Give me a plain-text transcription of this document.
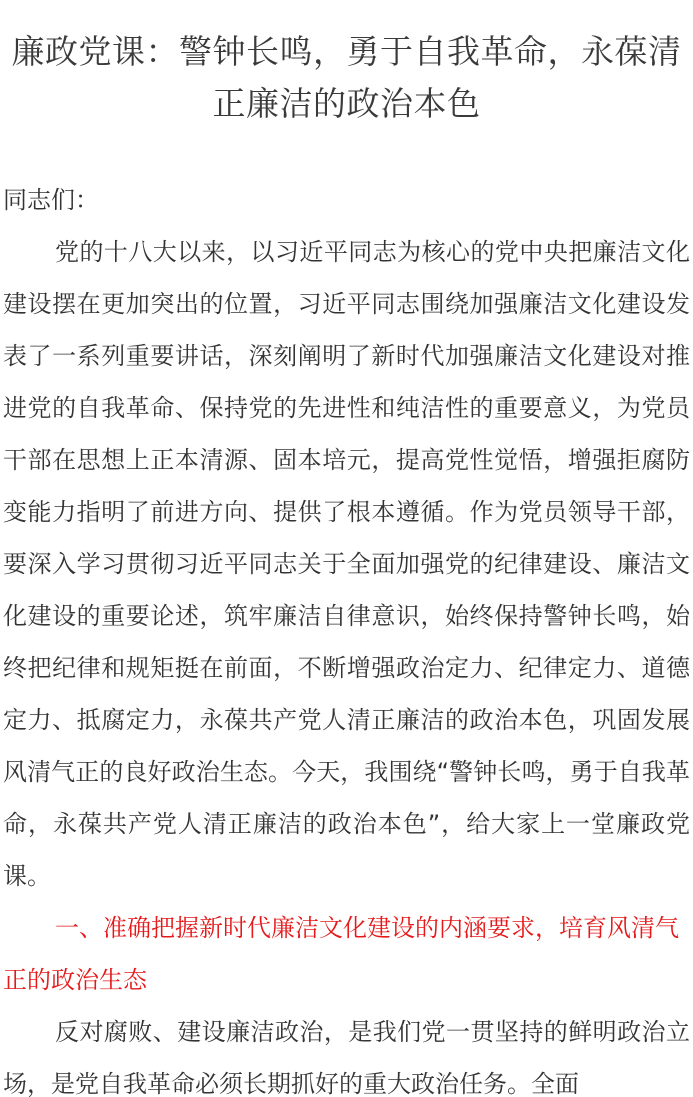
廉政党课：警钟长鸣，勇于自我革命，永葆清正廉洁的政治本色

同志们：

党的十八大以来，以习近平同志为核心的党中央把廉洁文化建设摆在更加突出的位置，习近平同志围绕加强廉洁文化建设发表了一系列重要讲话，深刻阐明了新时代加强廉洁文化建设对推进党的自我革命、保持党的先进性和纯洁性的重要意义，为党员干部在思想上正本清源、固本培元，提高党性觉悟，增强拒腐防变能力指明了前进方向、提供了根本遵循。作为党员领导干部，要深入学习贯彻习近平同志关于全面加强党的纪律建设、廉洁文化建设的重要论述，筑牢廉洁自律意识，始终保持警钟长鸣，始终把纪律和规矩挺在前面，不断增强政治定力、纪律定力、道德定力、抵腐定力，永葆共产党人清正廉洁的政治本色，巩固发展风清气正的良好政治生态。今天，我围绕“警钟长鸣，勇于自我革命，永葆共产党人清正廉洁的政治本色”，给大家上一堂廉政党课。

一、准确把握新时代廉洁文化建设的内涵要求，培育风清气正的政治生态

反对腐败、建设廉洁政治，是我们党一贯坚持的鲜明政治立场，是党自我革命必须长期抓好的重大政治任务。全面
